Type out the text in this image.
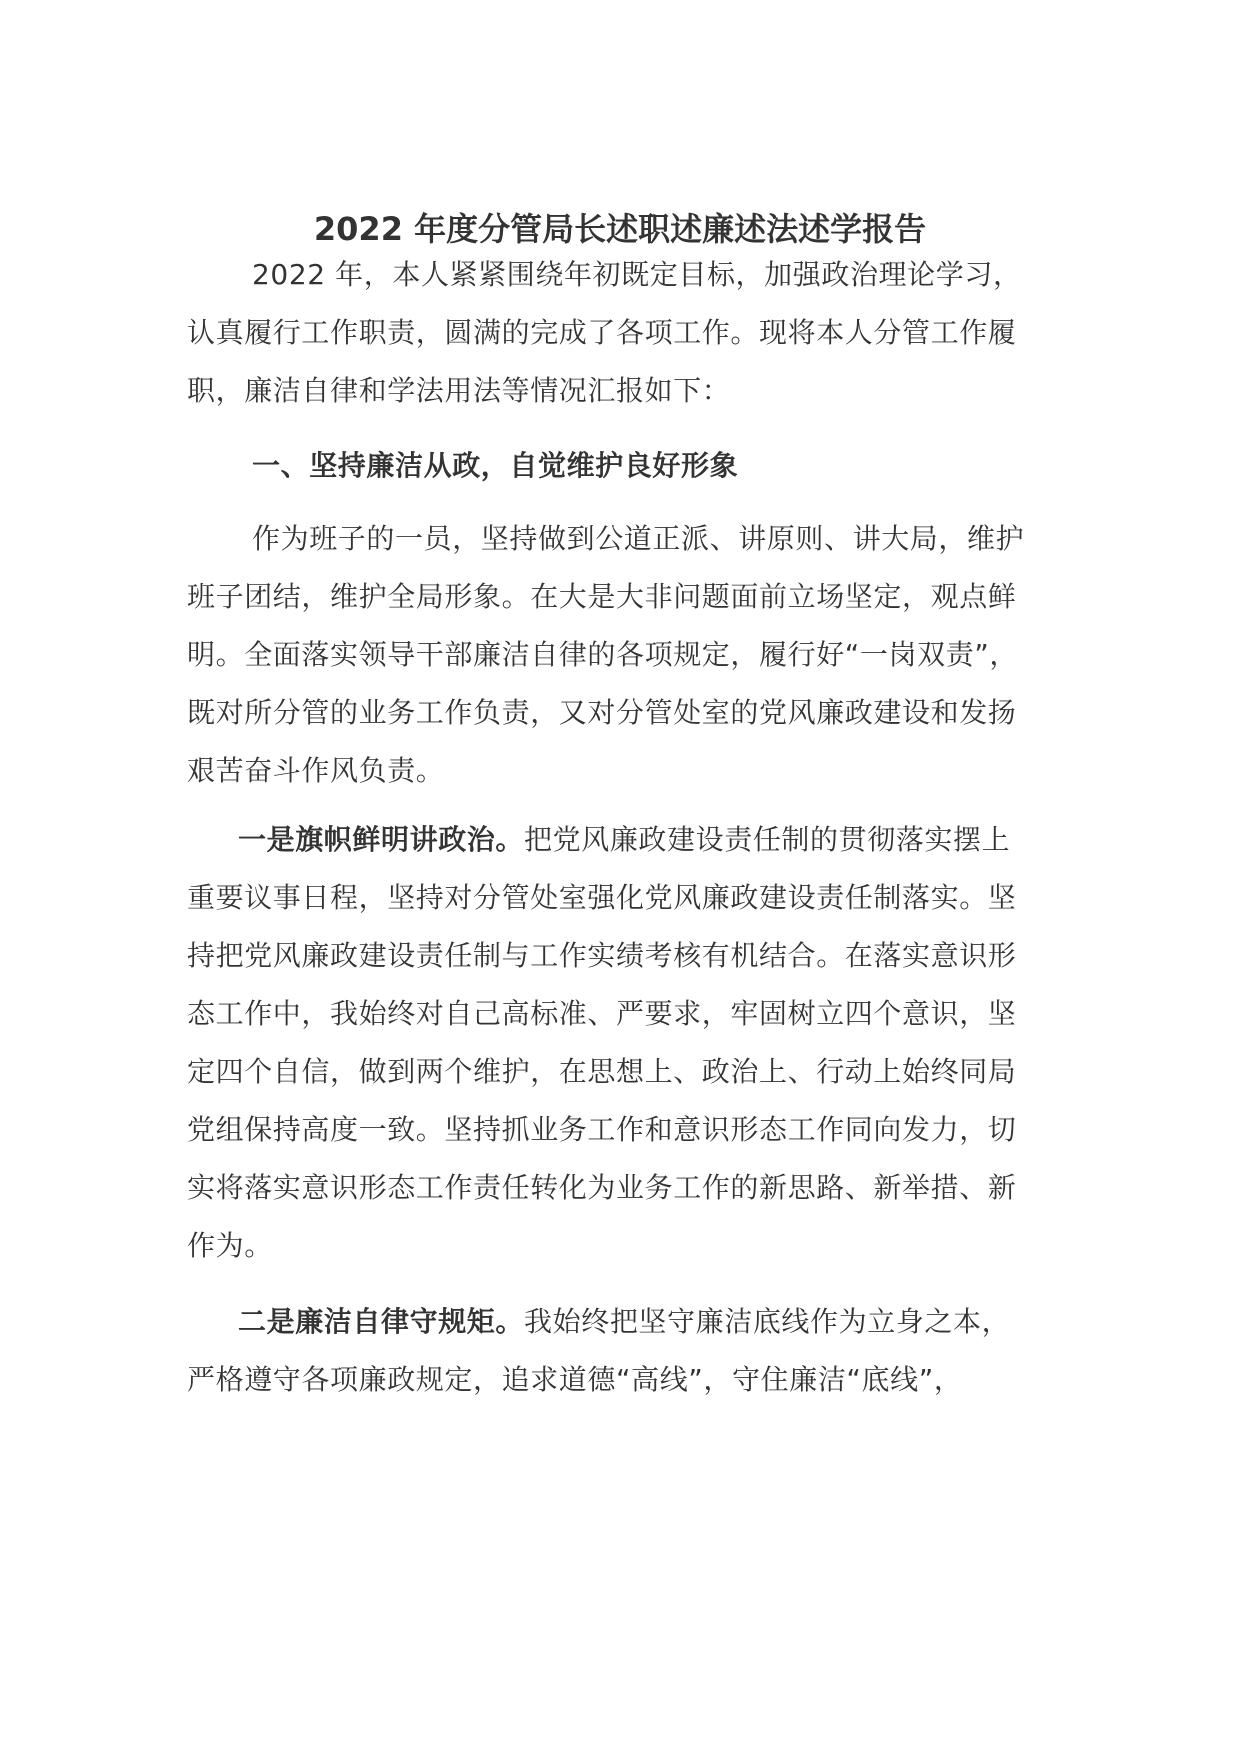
2022 年度分管局长述职述廉述法述学报告
2022 年，本人紧紧围绕年初既定目标，加强政治理论学习，
认真履行工作职责，圆满的完成了各项工作。现将本人分管工作履
职，廉洁自律和学法用法等情况汇报如下：
一、坚持廉洁从政，自觉维护良好形象
作为班子的一员，坚持做到公道正派、讲原则、讲大局，维护
班子团结，维护全局形象。在大是大非问题面前立场坚定，观点鲜
明。全面落实领导干部廉洁自律的各项规定，履行好“一岗双责”，
既对所分管的业务工作负责，又对分管处室的党风廉政建设和发扬
艰苦奋斗作风负责。
一是旗帜鲜明讲政治。把党风廉政建设责任制的贯彻落实摆上
重要议事日程，坚持对分管处室强化党风廉政建设责任制落实。坚
持把党风廉政建设责任制与工作实绩考核有机结合。在落实意识形
态工作中，我始终对自己高标准、严要求，牢固树立四个意识，坚
定四个自信，做到两个维护，在思想上、政治上、行动上始终同局
党组保持高度一致。坚持抓业务工作和意识形态工作同向发力，切
实将落实意识形态工作责任转化为业务工作的新思路、新举措、新
作为。
二是廉洁自律守规矩。我始终把坚守廉洁底线作为立身之本，
严格遵守各项廉政规定，追求道德“高线”，守住廉洁“底线”，
